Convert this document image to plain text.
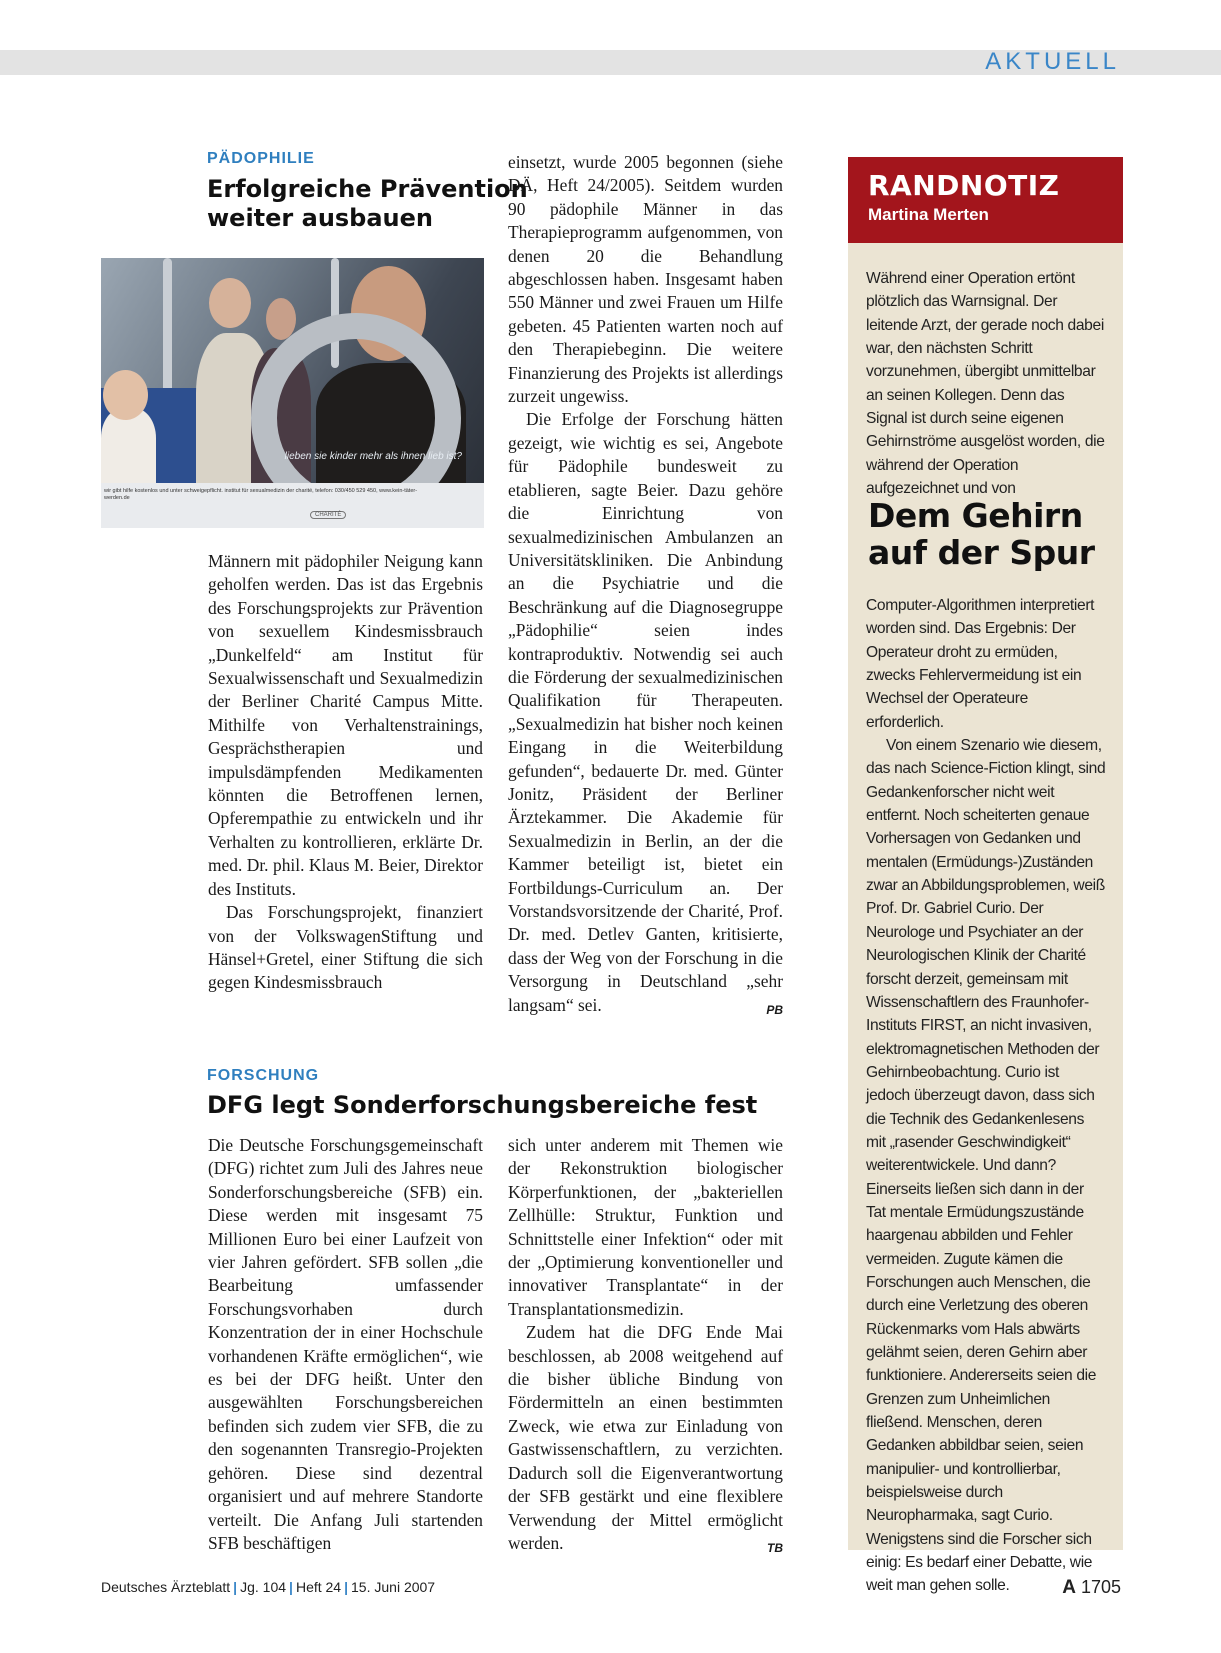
AKTUELL
PÄDOPHILIE
Erfolgreiche Prävention
weiter ausbauen
lieben sie kinder mehr als ihnen lieb ist?
wir gibt hilfe kostenlos und unter schweigepflicht. institut für sexualmedizin der charité, telefon: 030/450 529 450, www.kein-täter-werden.de
CHARITÉ

Männern mit pädophiler Neigung kann geholfen werden. Das ist das Ergebnis des Forschungsprojekts zur Prävention von sexuellem Kindesmissbrauch „Dunkelfeld“ am Institut für Sexualwissenschaft und Sexualmedizin der Berliner Charité Campus Mitte. Mithilfe von Verhaltenstrainings, Gesprächstherapien und impulsdämpfenden Medikamenten könnten die Betroffenen lernen, Opferempathie zu entwickeln und ihr Verhalten zu kontrollieren, erklärte Dr. med. Dr. phil. Klaus M. Beier, Direktor des Instituts.

Das Forschungsprojekt, finanziert von der VolkswagenStiftung und Hänsel+Gretel, einer Stiftung die sich gegen Kindesmissbrauch

einsetzt, wurde 2005 begonnen (siehe DÄ, Heft 24/2005). Seitdem wurden 90 pädophile Männer in das Therapieprogramm aufgenommen, von denen 20 die Behandlung abgeschlossen haben. Insgesamt haben 550 Männer und zwei Frauen um Hilfe gebeten. 45 Patienten warten noch auf den Therapiebeginn. Die weitere Finanzierung des Projekts ist allerdings zurzeit ungewiss.

Die Erfolge der Forschung hätten gezeigt, wie wichtig es sei, Angebote für Pädophile bundesweit zu etablieren, sagte Beier. Dazu gehöre die Einrichtung von sexualmedizinischen Ambulanzen an Universitätskliniken. Die Anbindung an die Psychiatrie und die Beschränkung auf die Diagnosegruppe „Pädophilie“ seien indes kontraproduktiv. Notwendig sei auch die Förderung der sexualmedizinischen Qualifikation für Therapeuten. „Sexualmedizin hat bisher noch keinen Eingang in die Weiterbildung gefunden“, bedauerte Dr. med. Günter Jonitz, Präsident der Berliner Ärztekammer. Die Akademie für Sexualmedizin in Berlin, an der die Kammer beteiligt ist, bietet ein Fortbildungs-Curriculum an. Der Vorstandsvorsitzende der Charité, Prof. Dr. med. Detlev Ganten, kritisierte, dass der Weg von der Forschung in die Versorgung in Deutschland „sehr langsam“ sei.	PB

FORSCHUNG
DFG legt Sonderforschungsbereiche fest

Die Deutsche Forschungsgemeinschaft (DFG) richtet zum Juli des Jahres neue Sonderforschungsbereiche (SFB) ein. Diese werden mit insgesamt 75 Millionen Euro bei einer Laufzeit von vier Jahren gefördert. SFB sollen „die Bearbeitung umfassender Forschungsvorhaben durch Konzentration der in einer Hochschule vorhandenen Kräfte ermöglichen“, wie es bei der DFG heißt. Unter den ausgewählten Forschungsbereichen befinden sich zudem vier SFB, die zu den sogenannten Transregio-Projekten gehören. Diese sind dezentral organisiert und auf mehrere Standorte verteilt. Die Anfang Juli startenden SFB beschäftigen

sich unter anderem mit Themen wie der Rekonstruktion biologischer Körperfunktionen, der „bakteriellen Zellhülle: Struktur, Funktion und Schnittstelle einer Infektion“ oder mit der „Optimierung konventioneller und innovativer Transplantate“ in der Transplantationsmedizin.

Zudem hat die DFG Ende Mai beschlossen, ab 2008 weitgehend auf die bisher übliche Bindung von Fördermitteln an einen bestimmten Zweck, wie etwa zur Einladung von Gastwissenschaftlern, zu verzichten. Dadurch soll die Eigenverantwortung der SFB gestärkt und eine flexiblere Verwendung der Mittel ermöglicht werden.	TB

RANDNOTIZ
Martina Merten

Während einer Operation ertönt plötzlich das Warnsignal. Der leitende Arzt, der gerade noch dabei war, den nächsten Schritt vorzunehmen, übergibt unmittelbar an seinen Kollegen. Denn das Signal ist durch seine eigenen Gehirnströme ausgelöst worden, die während der Operation aufgezeichnet und von

Dem Gehirn
auf der Spur

Computer-Algorithmen interpretiert worden sind. Das Ergebnis: Der Operateur droht zu ermüden, zwecks Fehlervermeidung ist ein Wechsel der Operateure erforderlich.

Von einem Szenario wie diesem, das nach Science-Fiction klingt, sind Gedankenforscher nicht weit entfernt. Noch scheiterten genaue Vorhersagen von Gedanken und mentalen (Ermüdungs-)Zuständen zwar an Abbildungsproblemen, weiß Prof. Dr. Gabriel Curio. Der Neurologe und Psychiater an der Neurologischen Klinik der Charité forscht derzeit, gemeinsam mit Wissenschaftlern des Fraunhofer-Instituts FIRST, an nicht invasiven, elektromagnetischen Methoden der Gehirnbeobachtung. Curio ist jedoch überzeugt davon, dass sich die Technik des Gedankenlesens mit „rasender Geschwindigkeit“ weiterentwickele. Und dann? Einerseits ließen sich dann in der Tat mentale Ermüdungszustände haargenau abbilden und Fehler vermeiden. Zugute kämen die Forschungen auch Menschen, die durch eine Verletzung des oberen Rückenmarks vom Hals abwärts gelähmt seien, deren Gehirn aber funktioniere. Andererseits seien die Grenzen zum Unheimlichen fließend. Menschen, deren Gedanken abbildbar seien, seien manipulier- und kontrollierbar, beispielsweise durch Neuropharmaka, sagt Curio. Wenigstens sind die Forscher sich einig: Es bedarf einer Debatte, wie weit man gehen solle.

Deutsches Ärzteblatt | Jg. 104 | Heft 24 | 15. Juni 2007	A 1705
